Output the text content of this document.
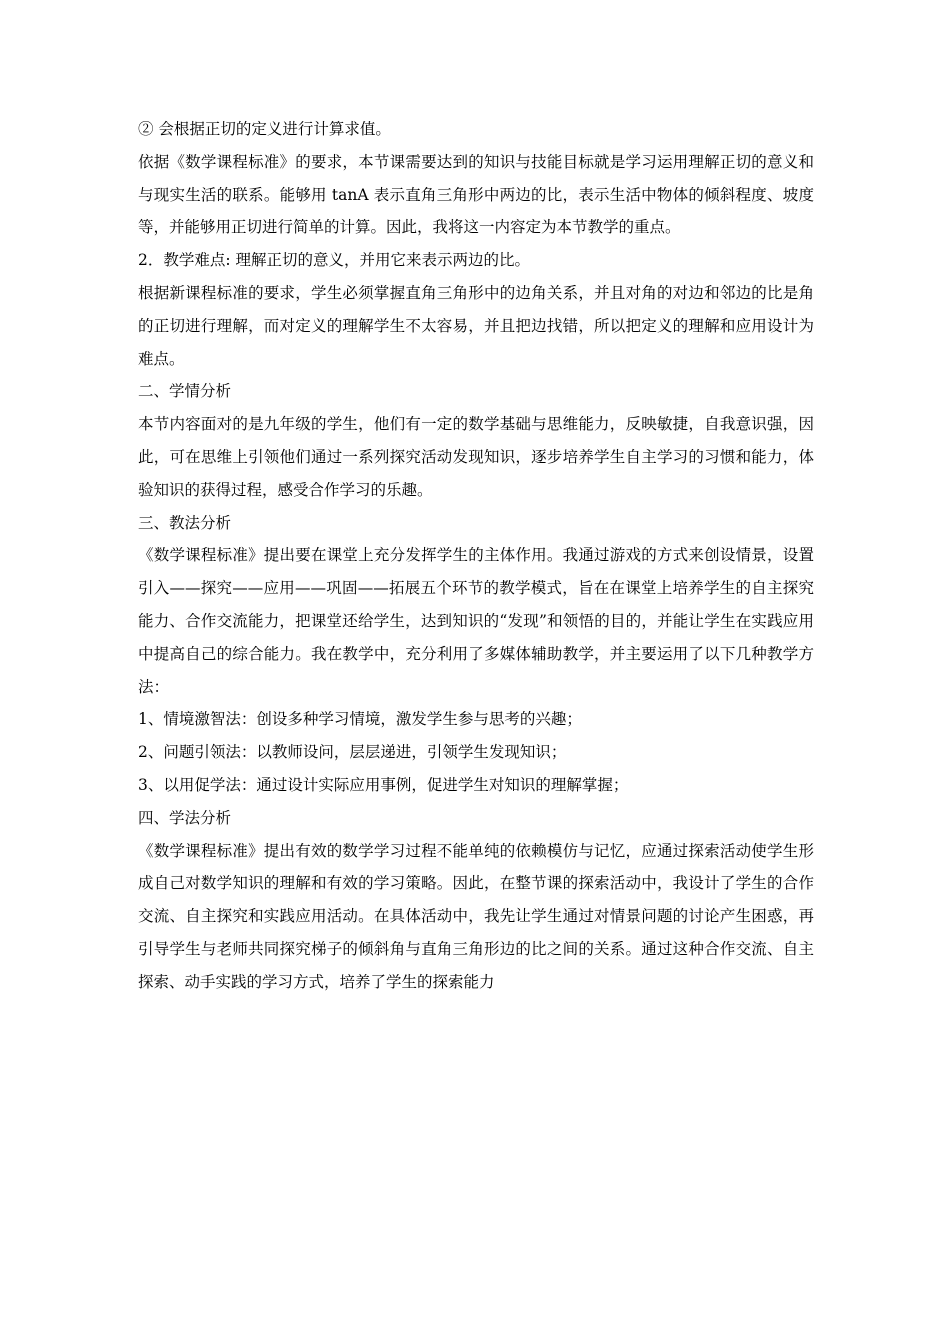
② 会根据正切的定义进行计算求值。

依据《数学课程标准》的要求，本节课需要达到的知识与技能目标就是学习运用理解正切的意义和与现实生活的联系。能够用 tanA 表示直角三角形中两边的比，表示生活中物体的倾斜程度、坡度等，并能够用正切进行简单的计算。因此，我将这一内容定为本节教学的重点。

2．教学难点: 理解正切的意义，并用它来表示两边的比。

根据新课程标准的要求，学生必须掌握直角三角形中的边角关系，并且对角的对边和邻边的比是角的正切进行理解，而对定义的理解学生不太容易，并且把边找错，所以把定义的理解和应用设计为难点。

二、学情分析

本节内容面对的是九年级的学生，他们有一定的数学基础与思维能力，反映敏捷，自我意识强，因此，可在思维上引领他们通过一系列探究活动发现知识，逐步培养学生自主学习的习惯和能力，体验知识的获得过程，感受合作学习的乐趣。

三、教法分析

《数学课程标准》提出要在课堂上充分发挥学生的主体作用。我通过游戏的方式来创设情景，设置引入——探究——应用——巩固——拓展五个环节的教学模式，旨在在课堂上培养学生的自主探究能力、合作交流能力，把课堂还给学生，达到知识的“发现”和领悟的目的，并能让学生在实践应用中提高自己的综合能力。我在教学中，充分利用了多媒体辅助教学，并主要运用了以下几种教学方法：

1、情境激智法：创设多种学习情境，激发学生参与思考的兴趣；

2、问题引领法：以教师设问，层层递进，引领学生发现知识；

3、以用促学法：通过设计实际应用事例，促进学生对知识的理解掌握；

四、学法分析

《数学课程标准》提出有效的数学学习过程不能单纯的依赖模仿与记忆，应通过探索活动使学生形成自己对数学知识的理解和有效的学习策略。因此，在整节课的探索活动中，我设计了学生的合作交流、自主探究和实践应用活动。在具体活动中，我先让学生通过对情景问题的讨论产生困惑，再引导学生与老师共同探究梯子的倾斜角与直角三角形边的比之间的关系。通过这种合作交流、自主探索、动手实践的学习方式，培养了学生的探索能力
